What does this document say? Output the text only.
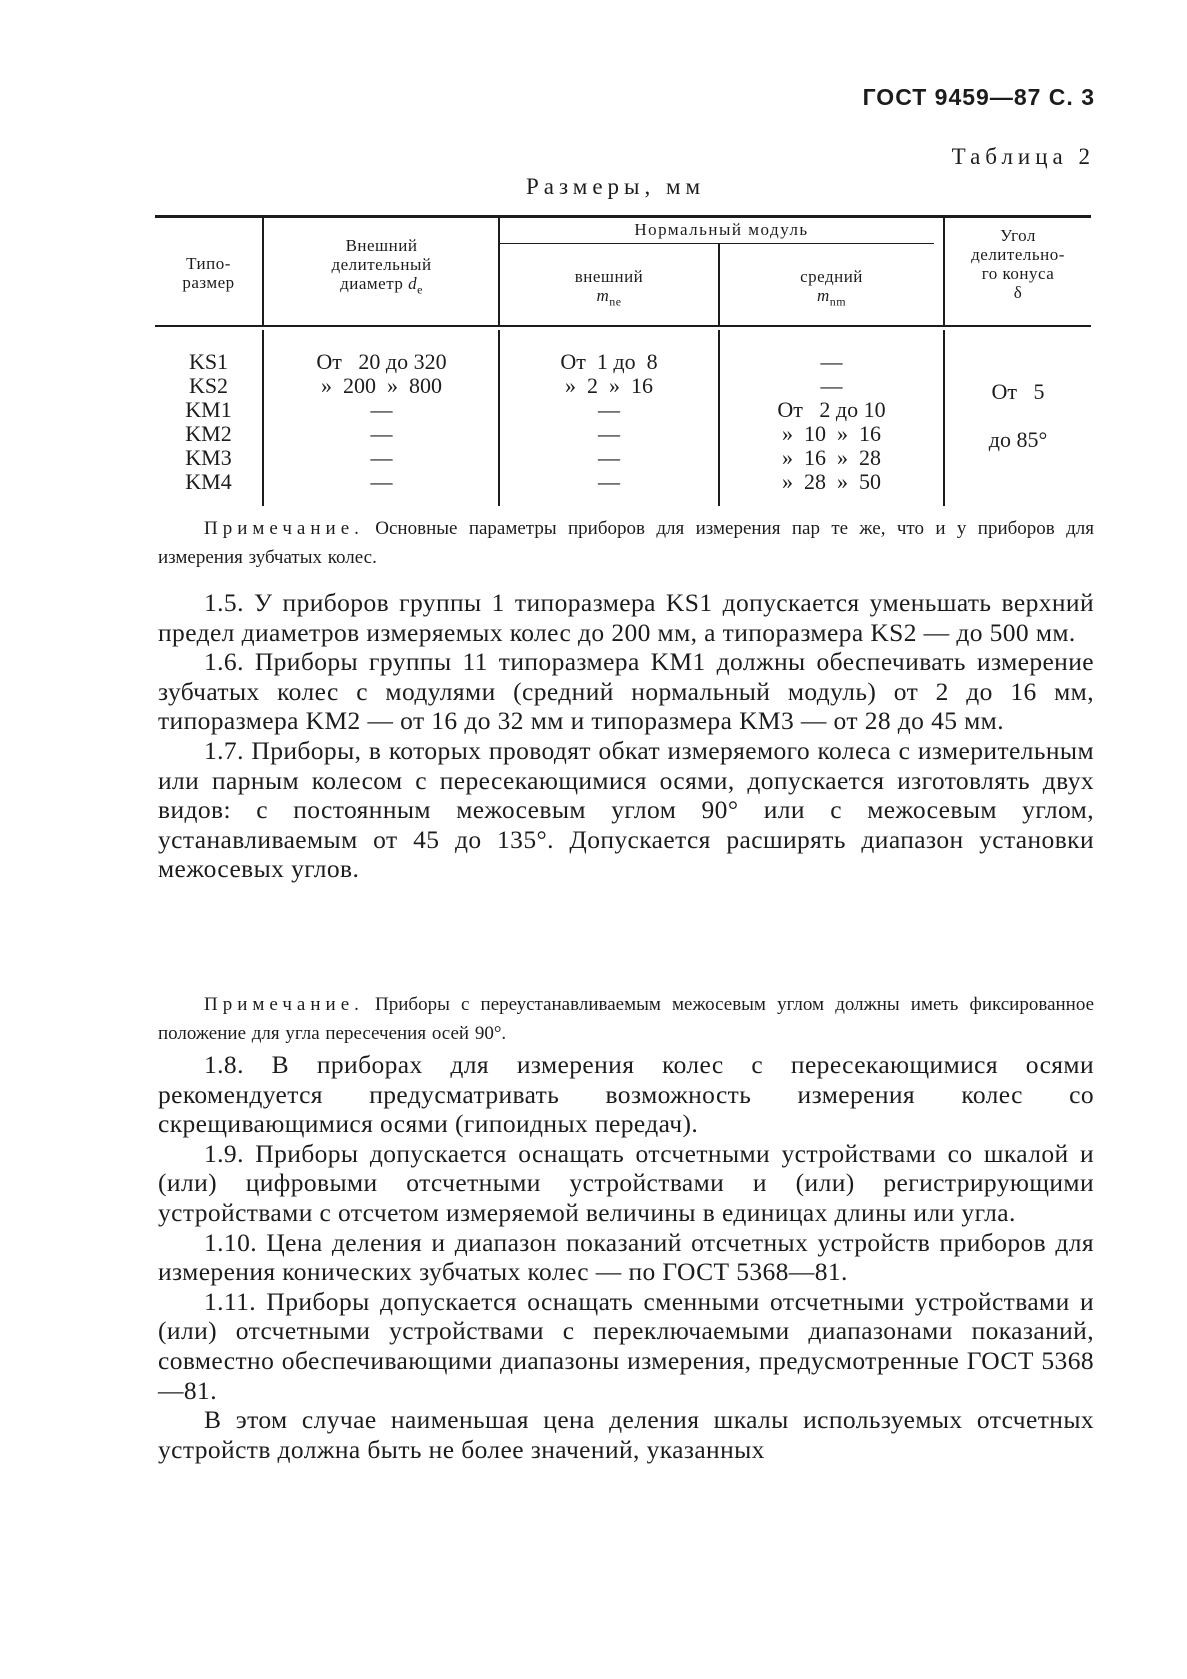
ГОСТ 9459—87 С. 3
Таблица 2
Размеры, мм
Типо-
размер
Внешний
делительный
диаметр $d_e$
Нормальный модуль
внешний
$m_{ne}$
средний
$m_{nm}$
Угол
делительно-
го конуса
δ
KS1
KS2
KM1
KM2
KM3
KM4
От   20 до 320
»  200  »  800
—
—
—
—
От  1 до  8
»  2  »  16
—
—
—
—
—
—
От   2 до 10
»  10  »  16
»  16  »  28
»  28  »  50
От   5
до 85°
Примечание. Основные параметры приборов для измерения пар те же, что и у приборов для измерения зубчатых колес.
1.5. У приборов группы 1 типоразмера KS1 допускается уменьшать верхний предел диаметров измеряемых колес до 200 мм, а типоразмера KS2 — до 500 мм.
1.6. Приборы группы 11 типоразмера KM1 должны обеспечивать измерение зубчатых колес с модулями (средний нормальный модуль) от 2 до 16 мм, типоразмера KM2 — от 16 до 32 мм и типоразмера KM3 — от 28 до 45 мм.
1.7. Приборы, в которых проводят обкат измеряемого колеса с измерительным или парным колесом с пересекающимися осями, допускается изготовлять двух видов: с постоянным межосевым углом 90° или с межосевым углом, устанавливаемым от 45 до 135°. Допускается расширять диапазон установки межосевых углов.
Примечание. Приборы с переустанавливаемым межосевым углом должны иметь фиксированное положение для угла пересечения осей 90°.
1.8. В приборах для измерения колес с пересекающимися осями рекомендуется предусматривать возможность измерения колес со скрещивающимися осями (гипоидных передач).
1.9. Приборы допускается оснащать отсчетными устройствами со шкалой и (или) цифровыми отсчетными устройствами и (или) регистрирующими устройствами с отсчетом измеряемой величины в единицах длины или угла.
1.10. Цена деления и диапазон показаний отсчетных устройств приборов для измерения конических зубчатых колес — по ГОСТ 5368—81.
1.11. Приборы допускается оснащать сменными отсчетными устройствами и (или) отсчетными устройствами с переключаемыми диапазонами показаний, совместно обеспечивающими диапазоны измерения, предусмотренные ГОСТ 5368—81.
В этом случае наименьшая цена деления шкалы используемых отсчетных устройств должна быть не более значений, указанных
